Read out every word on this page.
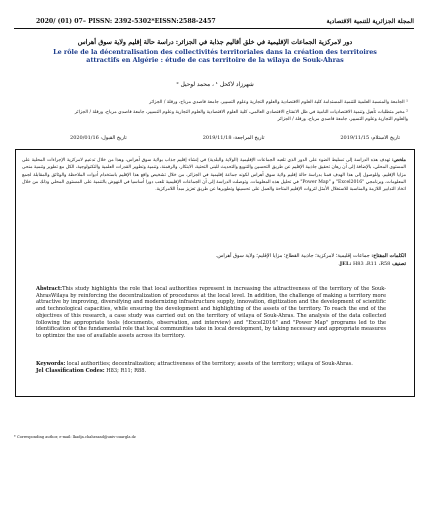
2020/ (01) 07– PISSN: 2392-5302*EISSN:2588-2457	المجلة الجزائرية للتنمية الاقتصادية
دور لامركزية الجماعات الإقليمية في خلق أقاليم جذابة في الجزائر: دراسة حالة إقليم ولاية سوق أهراس
Le rôle de la décentralisation des collectivités territoriales dans la création des territoires attractifs en Algérie : étude de cas territoire de la wilaya de Souk-Ahras
شهرزاد لاكحل ¹ ، محمد لوحيل ²
¹ الجامعة والمنسبة العلمية للتنمية المستدامة كلية العلوم الاقتصادية والعلوم التجارية وعلوم التسيير، جامعة قاصدي مرباح، ورقلة / الجزائر
² مخبر متطلبات تأهيل وتنمية الاقتصاديات النامية في ظل الانفتاح الاقتصادي العالمي، كلية العلوم الاقتصادية والعلوم التجارية وعلوم التسيير، جامعة قاصدي مرباح، ورقلة / الجزائر
والعلوم التجارية وعلوم التسيير، جامعة قاصدي مرباح، ورقلة / الجزائر
تاريخ الاستلام: 2019/11/15
تاريخ المراجعة: 2019/11/18
تاريخ القبول: 2020/01/16
ملخص: تهدف هذه الدراسة إلى تسليط الضوء على الدور الذي تلعبه الجماعات الإقليمية (الولاية والبلدية) في إنشاء إقليم جذاب بولاية سوق أهراس، وهذا من خلال تدعيم لامركزية الإجراءات المحلية على المستوى المحلي، بالإضافة إلى أن رهان تحقيق جاذبية الإقليم عن طريق التحسين والتنويع والتحديث للبنى التحتية، الابتكار، والرقمنة، وتنمية وتطوير القدرات العلمية والتكنولوجية، الكل مع تطوير وتنمية منحى مزايا الإقليم. وللوصول إلى هذا الهدف قمنا بدراسة حالة إقليم ولاية سوق أهراس لكونه جماعة إقليمية في الجزائر، من خلال تشخيص واقع هذا الإقليم باستخدام أدوات الملاحظة والوثائق والمقابلة لجمع المعلومات، وبرنامجي "Excel2016" و "Power Map" في تحليل هذه المعلومات. وتوصلت الدراسة إلى أن الجماعات الإقليمية تلعب دورا أساسيا في النهوض بالتنمية على المستوى المحلي وذلك من خلال اتخاذ التدابير اللازمة والمناسبة للاستغلال الأمثل لثروات الإقليم المتاحة والعمل على تحسينها وتطويرها عن طريق تعزيز مبدأ اللامركزية.
الكلمات المفتاح: جماعات إقليمية؛ لامركزية؛ جاذبية القطاع؛ مزايا الإقليم؛ ولاية سوق أهراس.
تصنيف JEL: H83 ،R11 ،R58.
Abstract:This study highlights the role that local authorities represent in increasing the attractiveness of the territory of the Souk-AhrasWilaya by reinforcing the decentralization of procedures at the local level. In addition, the challenge of making a territory more attractive by improving, diversifying and modernizing infrastructure supply, innovation, digitization and the development of scientific and technological capacities, while ensuring the development and highlighting of the assets of the territory. To reach the end of the objectives of this research, a case study was carried out on the territory of wilaya of Souk-Ahras. The analysis of the data collected following the appropriate tools (documents, observation, and interview) and "Excel2016" and "Power Map" programs led to the identification of the fundamental role that local communities take in local development, by taking necessary and appropriate measures to optimize the use of available assets across its territory.
Keywords: local authorities; decentralization; attractiveness of the territory; assets of the territory; wilaya of Souk-Ahras.
Jel Classification Codes: H83; R11; R88.
* Corresponding author, e-mail: lkadja.chahrazad@univ-ouargla.dz
